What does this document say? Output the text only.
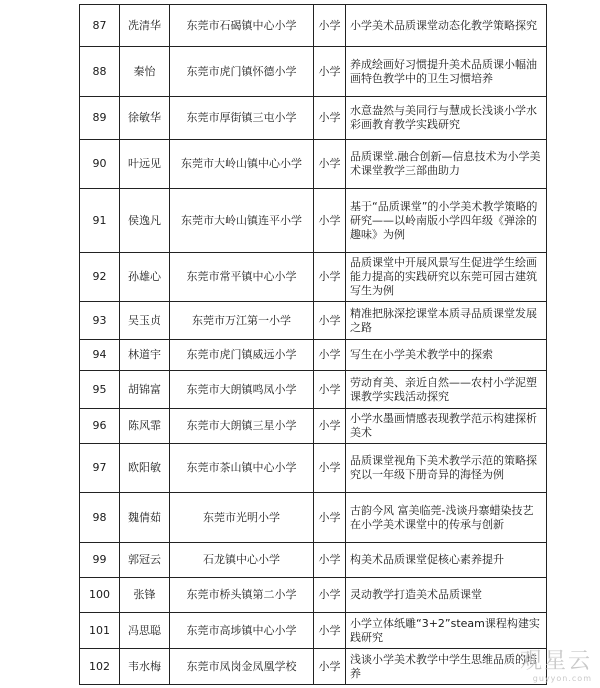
87	冼清华	东莞市石碣镇中心小学	小学	小学美术品质课堂动态化教学策略探究
88	秦怡	东莞市虎门镇怀德小学	小学	养成绘画好习惯提升美术品质课小幅油画特色教学中的卫生习惯培养
89	徐敏华	东莞市厚街镇三屯小学	小学	水意盎然与美同行与慧成长浅谈小学水彩画教育教学实践研究
90	叶远见	东莞市大岭山镇中心小学	小学	品质课堂.融合创新—信息技术为小学美术课堂教学三部曲助力
91	侯逸凡	东莞市大岭山镇连平小学	小学	基于“品质课堂”的小学美术教学策略的研究——以岭南版小学四年级《弹涂的趣味》为例
92	孙雄心	东莞市常平镇中心小学	小学	品质课堂中开展风景写生促进学生绘画能力提高的实践研究以东莞可园古建筑写生为例
93	吴玉贞	东莞市万江第一小学	小学	精准把脉深挖课堂本质寻品质课堂发展之路
94	林道宇	东莞市虎门镇威远小学	小学	写生在小学美术教学中的探索
95	胡锦富	东莞市大朗镇鸣凤小学	小学	劳动育美、亲近自然——农村小学泥塑课教学实践活动探究
96	陈风霏	东莞市大朗镇三星小学	小学	小学水墨画情感表现教学范示构建探析美术
97	欧阳敏	东莞市茶山镇中心小学	小学	品质课堂视角下美术教学示范的策略探究以一年级下册奇异的海怪为例
98	魏倩茹	东莞市光明小学	小学	古韵今风 富美临莞-浅谈丹寨蜡染技艺在小学美术课堂中的传承与创新
99	郭冠云	石龙镇中心小学	小学	构美术品质课堂促核心素养提升
100	张锋	东莞市桥头镇第二小学	小学	灵动教学打造美术品质课堂
101	冯思聪	东莞市高埗镇中心小学	小学	小学立体纸雕“3+2”steam课程构建实践研究
102	韦水梅	东莞市凤岗金凤凰学校	小学	浅谈小学美术教学中学生思维品质的培养	观星云
guyyon.com
